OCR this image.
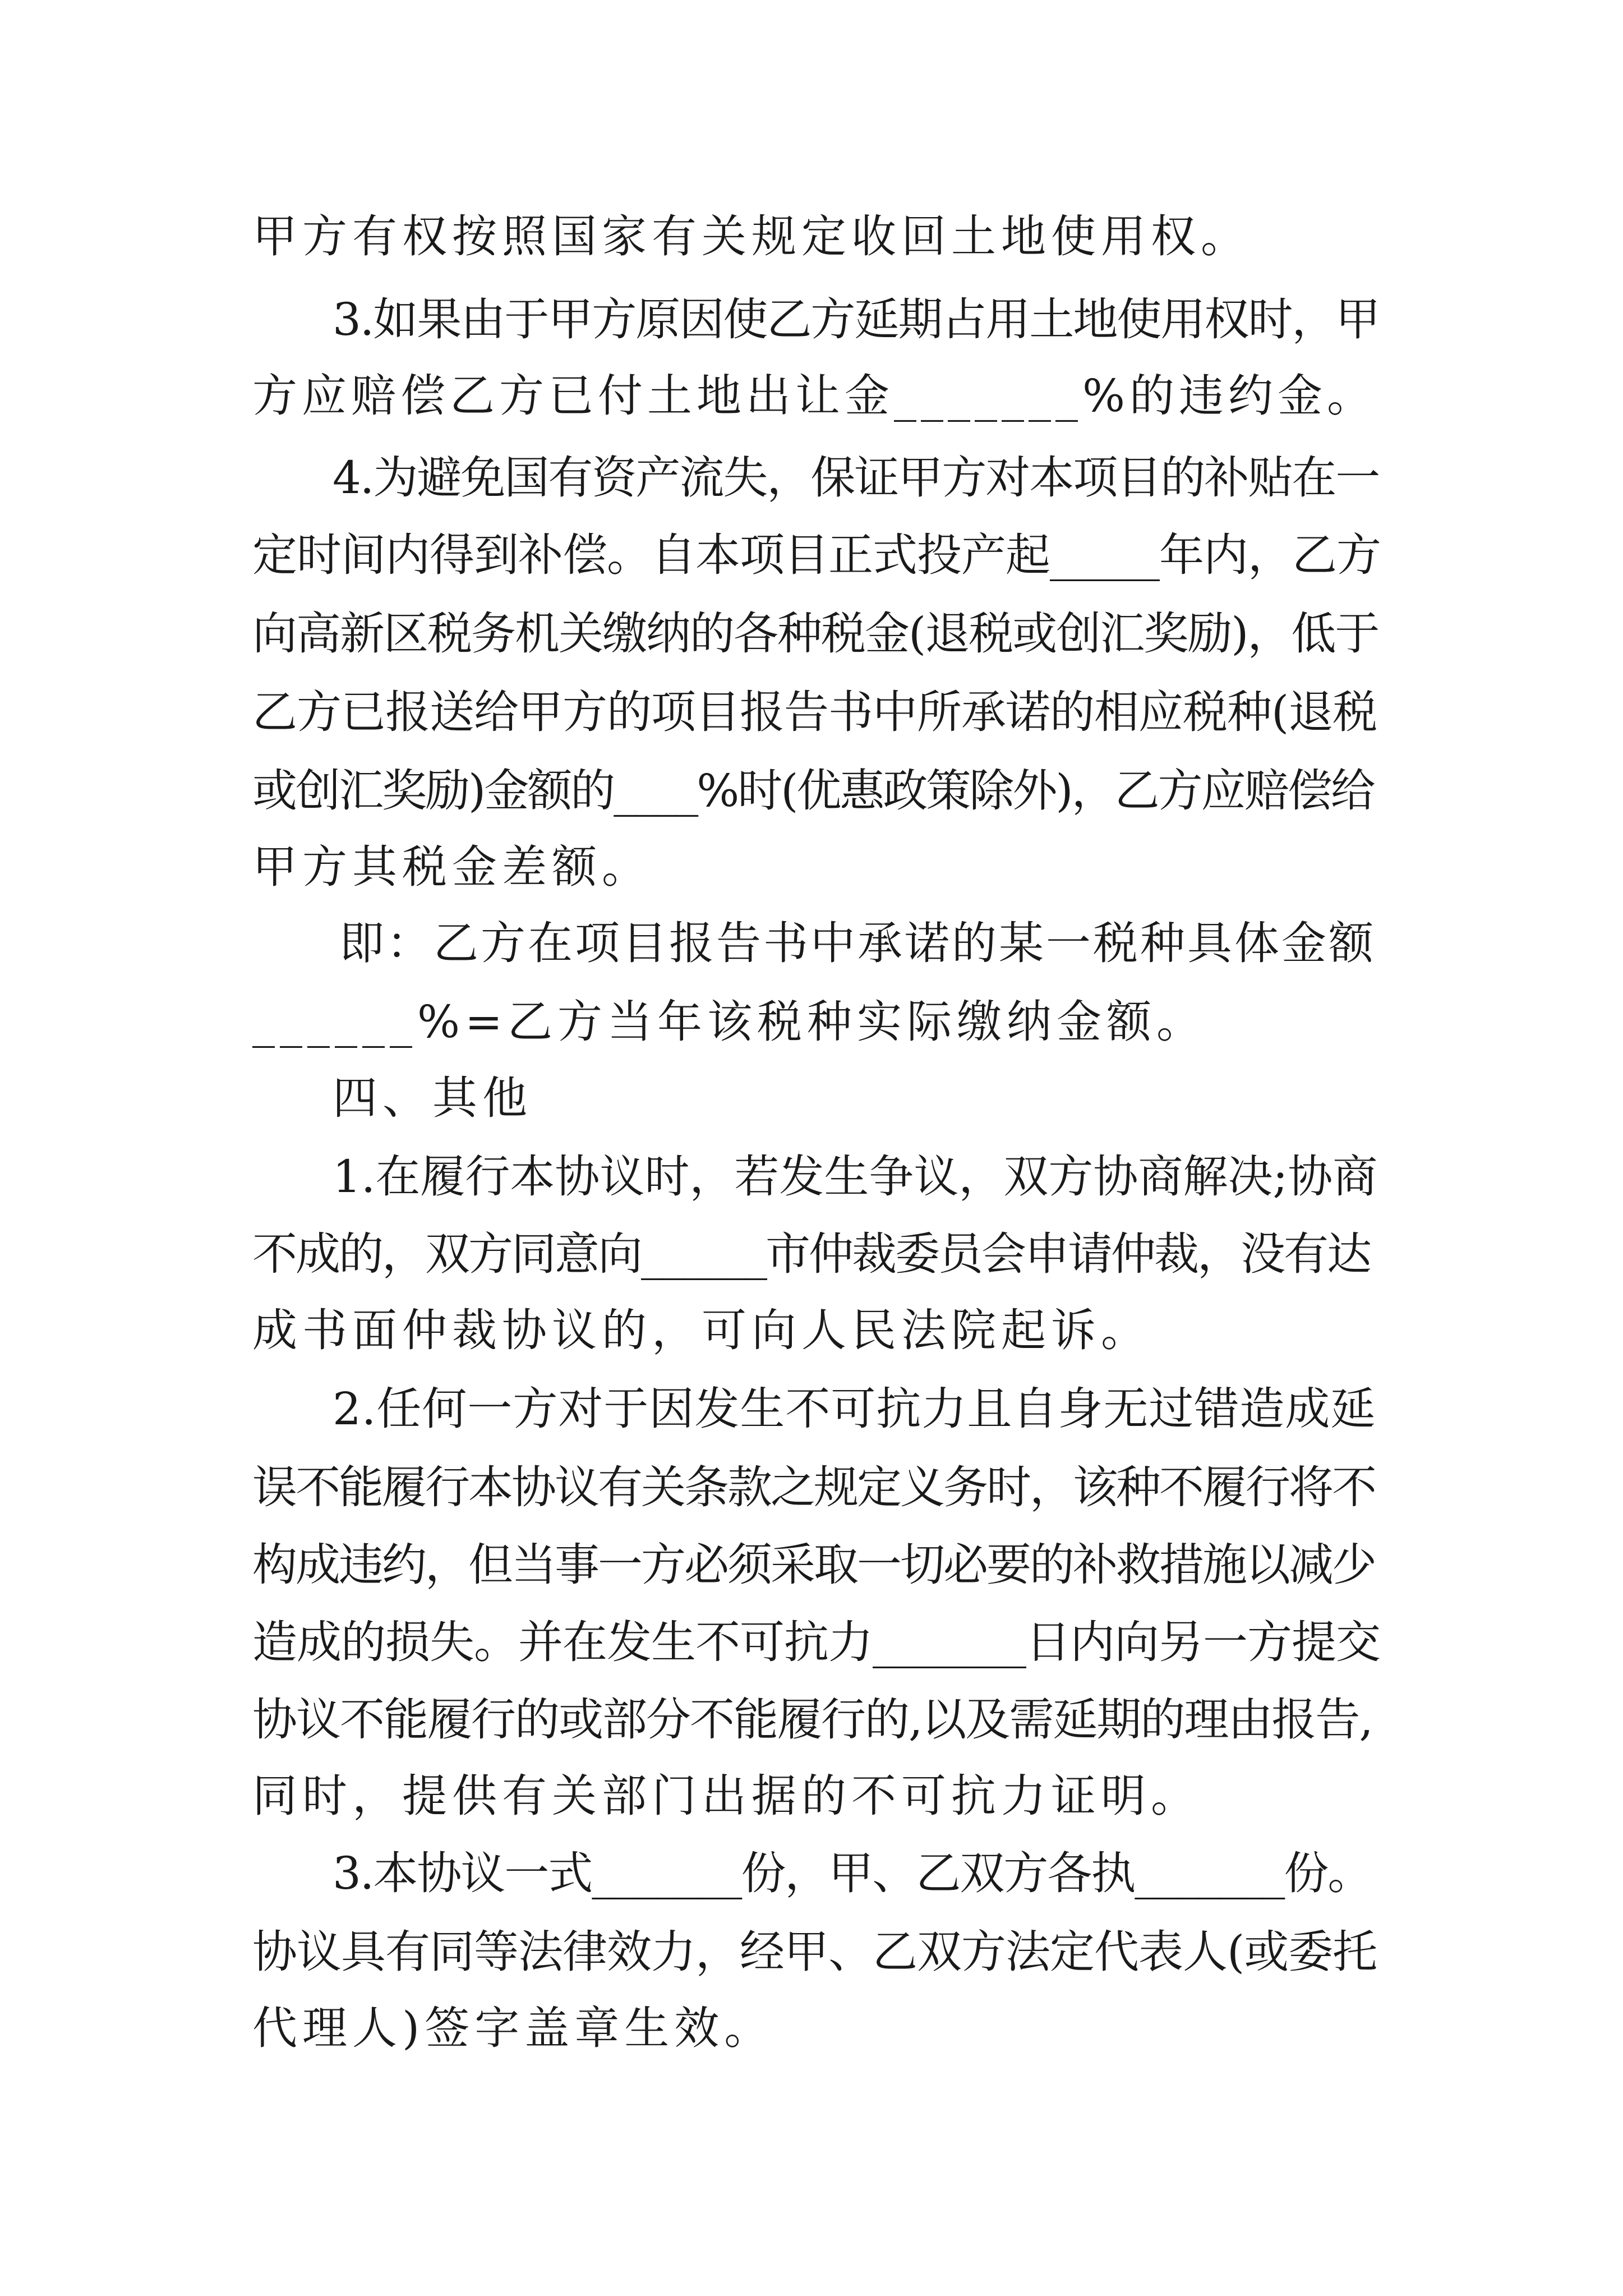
甲方有权按照国家有关规定收回土地使用权。
3.如果由于甲方原因使乙方延期占用土地使用权时，甲
方应赔偿乙方已付土地出让金_______%的违约金。
4.为避免国有资产流失，保证甲方对本项目的补贴在一
定时间内得到补偿。自本项目正式投产起_____年内，乙方
向高新区税务机关缴纳的各种税金(退税或创汇奖励)，低于
乙方已报送给甲方的项目报告书中所承诺的相应税种(退税
或创汇奖励)金额的____%时(优惠政策除外)，乙方应赔偿给
甲方其税金差额。
即：乙方在项目报告书中承诺的某一税种具体金额
______%=乙方当年该税种实际缴纳金额。
四、其他
1.在履行本协议时，若发生争议，双方协商解决;协商
不成的，双方同意向______市仲裁委员会申请仲裁，没有达
成书面仲裁协议的，可向人民法院起诉。
2.任何一方对于因发生不可抗力且自身无过错造成延
误不能履行本协议有关条款之规定义务时，该种不履行将不
构成违约，但当事一方必须采取一切必要的补救措施以减少
造成的损失。并在发生不可抗力_______日内向另一方提交
协议不能履行的或部分不能履行的,以及需延期的理由报告,
同时，提供有关部门出据的不可抗力证明。
3.本协议一式_______份，甲、乙双方各执_______份。
协议具有同等法律效力，经甲、乙双方法定代表人(或委托
代理人)签字盖章生效。
